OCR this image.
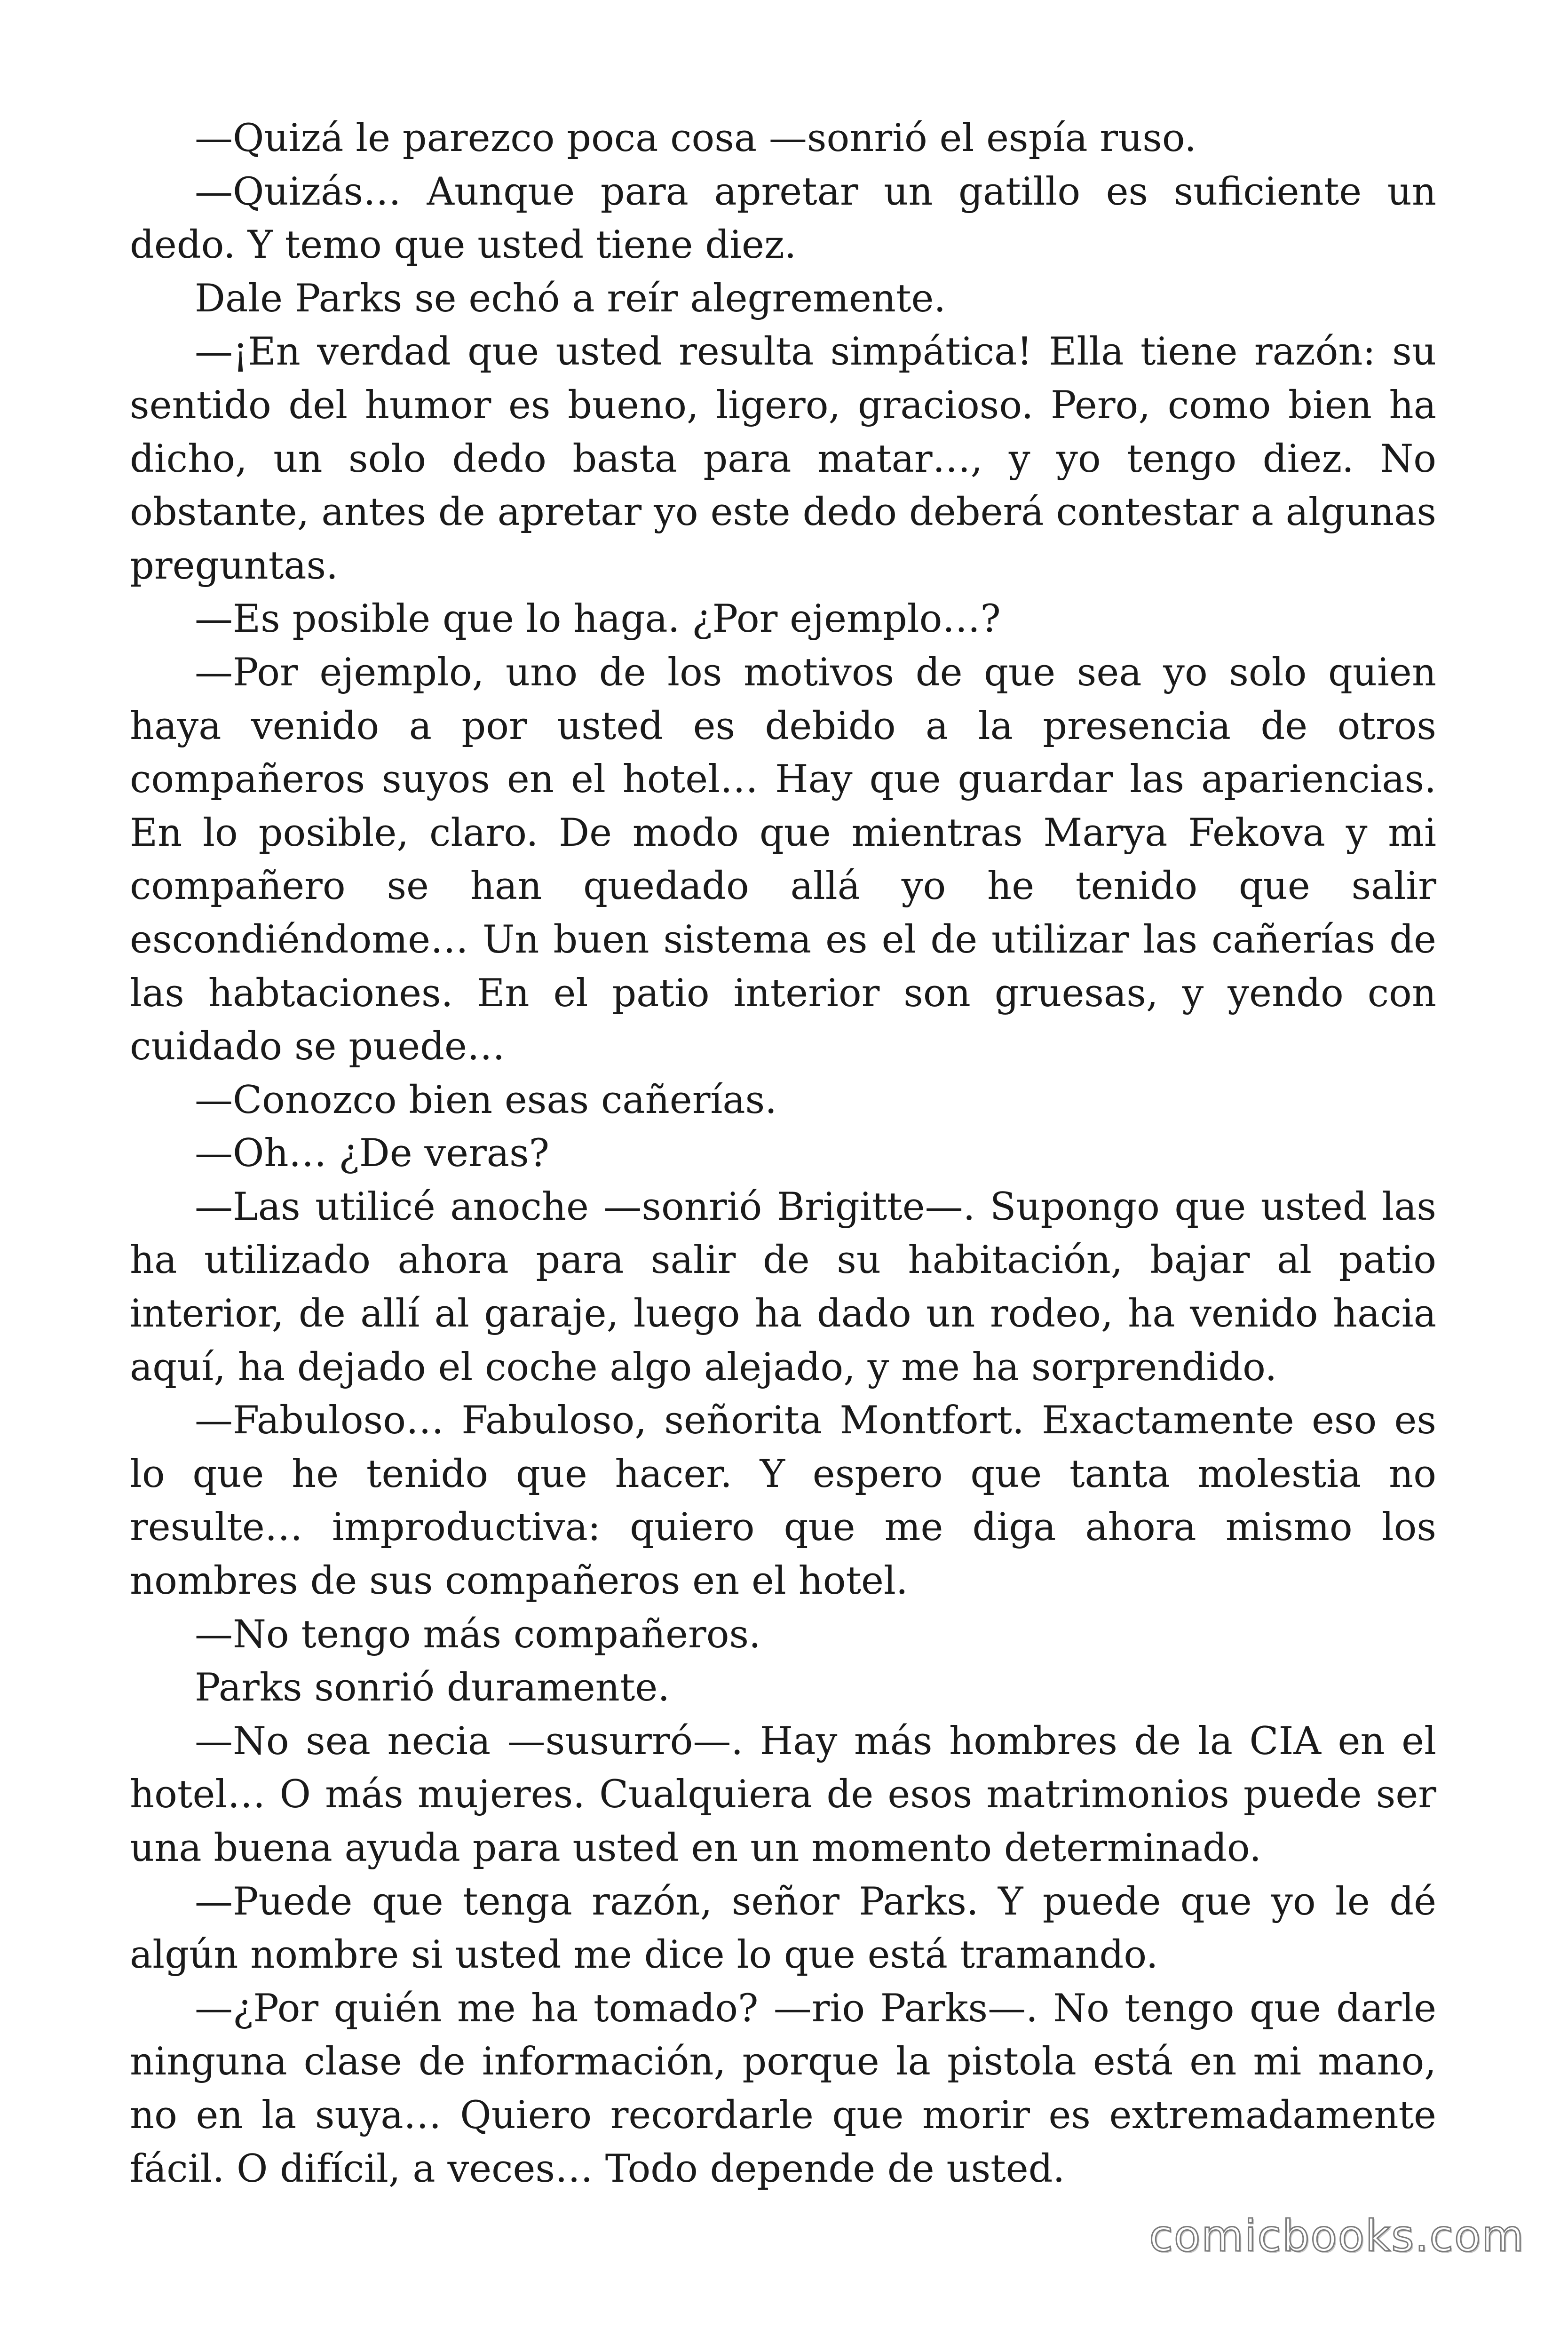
—Quizá le parezco poca cosa —sonrió el espía ruso.

—Quizás… Aunque para apretar un gatillo es suficiente un dedo. Y temo que usted tiene diez.

Dale Parks se echó a reír alegremente.

—¡En verdad que usted resulta simpática! Ella tiene razón: su sentido del humor es bueno, ligero, gracioso. Pero, como bien ha dicho, un solo dedo basta para matar…, y yo tengo diez. No obstante, antes de apretar yo este dedo deberá contestar a algunas preguntas.

—Es posible que lo haga. ¿Por ejemplo…?

—Por ejemplo, uno de los motivos de que sea yo solo quien haya venido a por usted es debido a la presencia de otros compañeros suyos en el hotel… Hay que guardar las apariencias. En lo posible, claro. De modo que mientras Marya Fekova y mi compañero se han quedado allá yo he tenido que salir escondiéndome… Un buen sistema es el de utilizar las cañerías de las habtaciones. En el patio interior son gruesas, y yendo con cuidado se puede…

—Conozco bien esas cañerías.

—Oh… ¿De veras?

—Las utilicé anoche —sonrió Brigitte—. Supongo que usted las ha utilizado ahora para salir de su habitación, bajar al patio interior, de allí al garaje, luego ha dado un rodeo, ha venido hacia aquí, ha dejado el coche algo alejado, y me ha sorprendido.

—Fabuloso… Fabuloso, señorita Montfort. Exactamente eso es lo que he tenido que hacer. Y espero que tanta molestia no resulte… improductiva: quiero que me diga ahora mismo los nombres de sus compañeros en el hotel.

—No tengo más compañeros.

Parks sonrió duramente.

—No sea necia —susurró—. Hay más hombres de la CIA en el hotel… O más mujeres. Cualquiera de esos matrimonios puede ser una buena ayuda para usted en un momento determinado.

—Puede que tenga razón, señor Parks. Y puede que yo le dé algún nombre si usted me dice lo que está tramando.

—¿Por quién me ha tomado? —rio Parks—. No tengo que darle ninguna clase de información, porque la pistola está en mi mano, no en la suya… Quiero recordarle que morir es extremadamente fácil. O difícil, a veces… Todo depende de usted.

comicbooks.com
